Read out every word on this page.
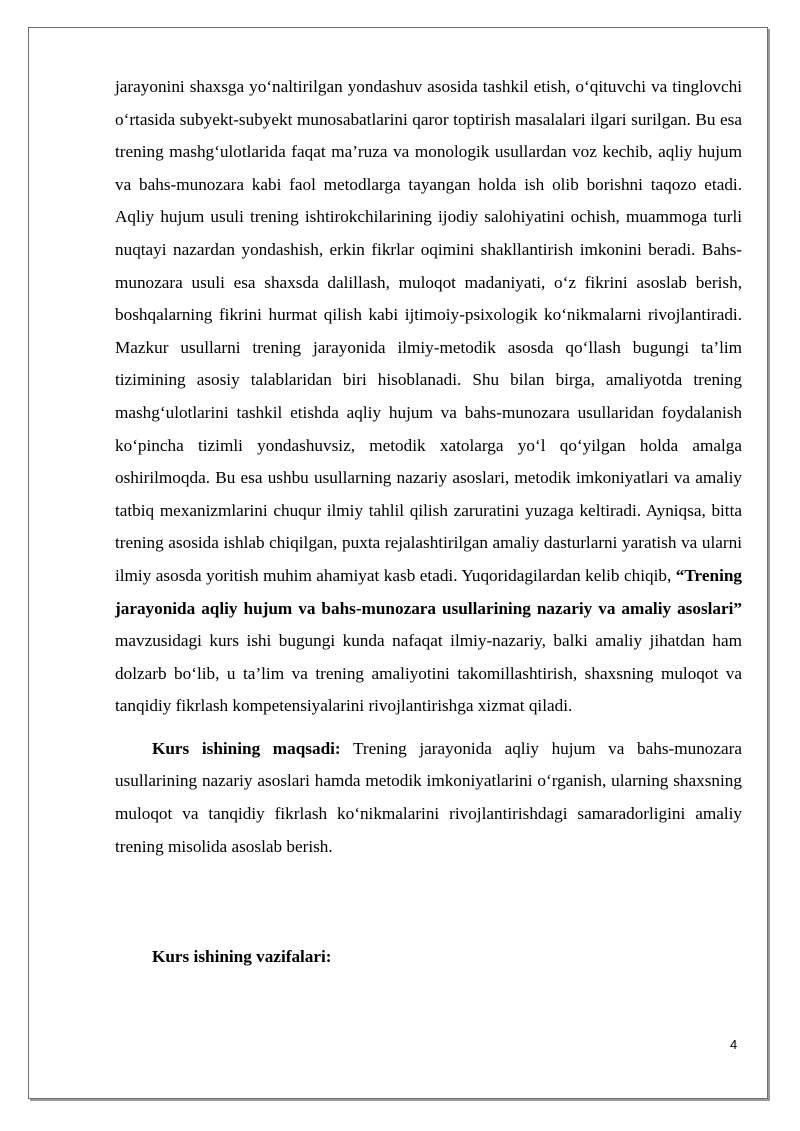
jarayonini shaxsga yo‘naltirilgan yondashuv asosida tashkil etish, o‘qituvchi va tinglovchi o‘rtasida subyekt-subyekt munosabatlarini qaror toptirish masalalari ilgari surilgan. Bu esa trening mashg‘ulotlarida faqat ma’ruza va monologik usullardan voz kechib, aqliy hujum va bahs-munozara kabi faol metodlarga tayangan holda ish olib borishni taqozo etadi. Aqliy hujum usuli trening ishtirokchilarining ijodiy salohiyatini ochish, muammoga turli nuqtayi nazardan yondashish, erkin fikrlar oqimini shakllantirish imkonini beradi. Bahs-munozara usuli esa shaxsda dalillash, muloqot madaniyati, o‘z fikrini asoslab berish, boshqalarning fikrini hurmat qilish kabi ijtimoiy-psixologik ko‘nikmalarni rivojlantiradi. Mazkur usullarni trening jarayonida ilmiy-metodik asosda qo‘llash bugungi ta’lim tizimining asosiy talablaridan biri hisoblanadi. Shu bilan birga, amaliyotda trening mashg‘ulotlarini tashkil etishda aqliy hujum va bahs-munozara usullaridan foydalanish ko‘pincha tizimli yondashuvsiz, metodik xatolarga yo‘l qo‘yilgan holda amalga oshirilmoqda. Bu esa ushbu usullarning nazariy asoslari, metodik imkoniyatlari va amaliy tatbiq mexanizmlarini chuqur ilmiy tahlil qilish zaruratini yuzaga keltiradi. Ayniqsa, bitta trening asosida ishlab chiqilgan, puxta rejalashtirilgan amaliy dasturlarni yaratish va ularni ilmiy asosda yoritish muhim ahamiyat kasb etadi. Yuqoridagilardan kelib chiqib, “Trening jarayonida aqliy hujum va bahs-munozara usullarining nazariy va amaliy asoslari” mavzusidagi kurs ishi bugungi kunda nafaqat ilmiy-nazariy, balki amaliy jihatdan ham dolzarb bo‘lib, u ta’lim va trening amaliyotini takomillashtirish, shaxsning muloqot va tanqidiy fikrlash kompetensiyalarini rivojlantirishga xizmat qiladi.

Kurs ishining maqsadi: Trening jarayonida aqliy hujum va bahs-munozara usullarining nazariy asoslari hamda metodik imkoniyatlarini o‘rganish, ularning shaxsning muloqot va tanqidiy fikrlash ko‘nikmalarini rivojlantirishdagi samaradorligini amaliy trening misolida asoslab berish.

Kurs ishining vazifalari:

4
